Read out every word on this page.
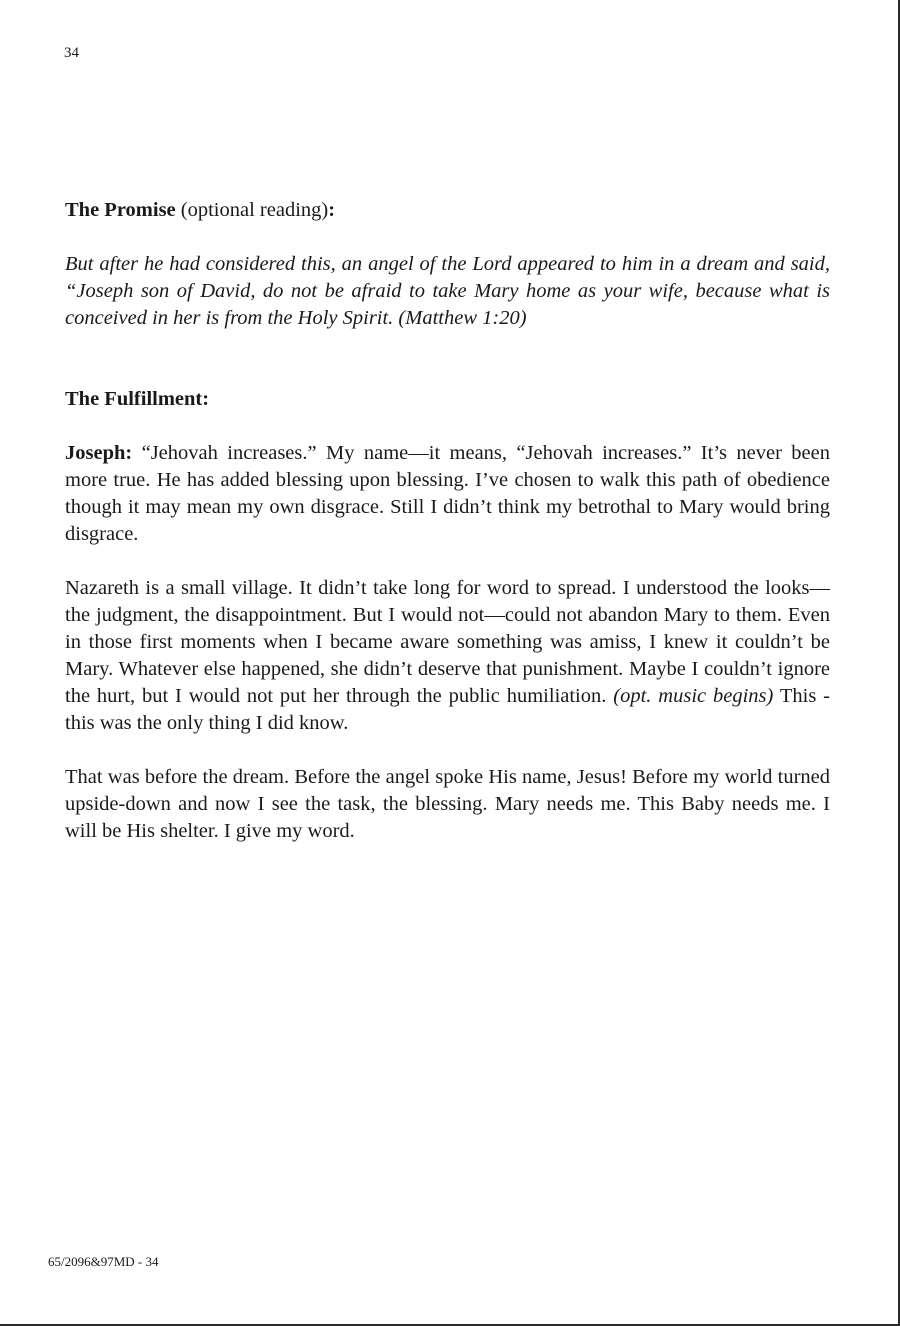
34

The Promise (optional reading):

But after he had considered this, an angel of the Lord appeared to him in a dream and said, “Joseph son of David, do not be afraid to take Mary home as your wife, because what is conceived in her is from the Holy Spirit. (Matthew 1:20)

The Fulfillment:

Joseph: “Jehovah increases.” My name—it means, “Jehovah increases.” It’s never been more true. He has added blessing upon blessing. I’ve chosen to walk this path of obedience though it may mean my own disgrace. Still I didn’t think my betrothal to Mary would bring disgrace.

Nazareth is a small village. It didn’t take long for word to spread. I understood the looks—the judgment, the disappointment. But I would not—could not abandon Mary to them. Even in those first moments when I became aware something was amiss, I knew it couldn’t be Mary. Whatever else happened, she didn’t deserve that punishment. Maybe I couldn’t ignore the hurt, but I would not put her through the public humiliation. (opt. music begins) This - this was the only thing I did know.

That was before the dream. Before the angel spoke His name, Jesus! Before my world turned upside-down and now I see the task, the blessing. Mary needs me. This Baby needs me. I will be His shelter. I give my word.

65/2096&97MD - 34
